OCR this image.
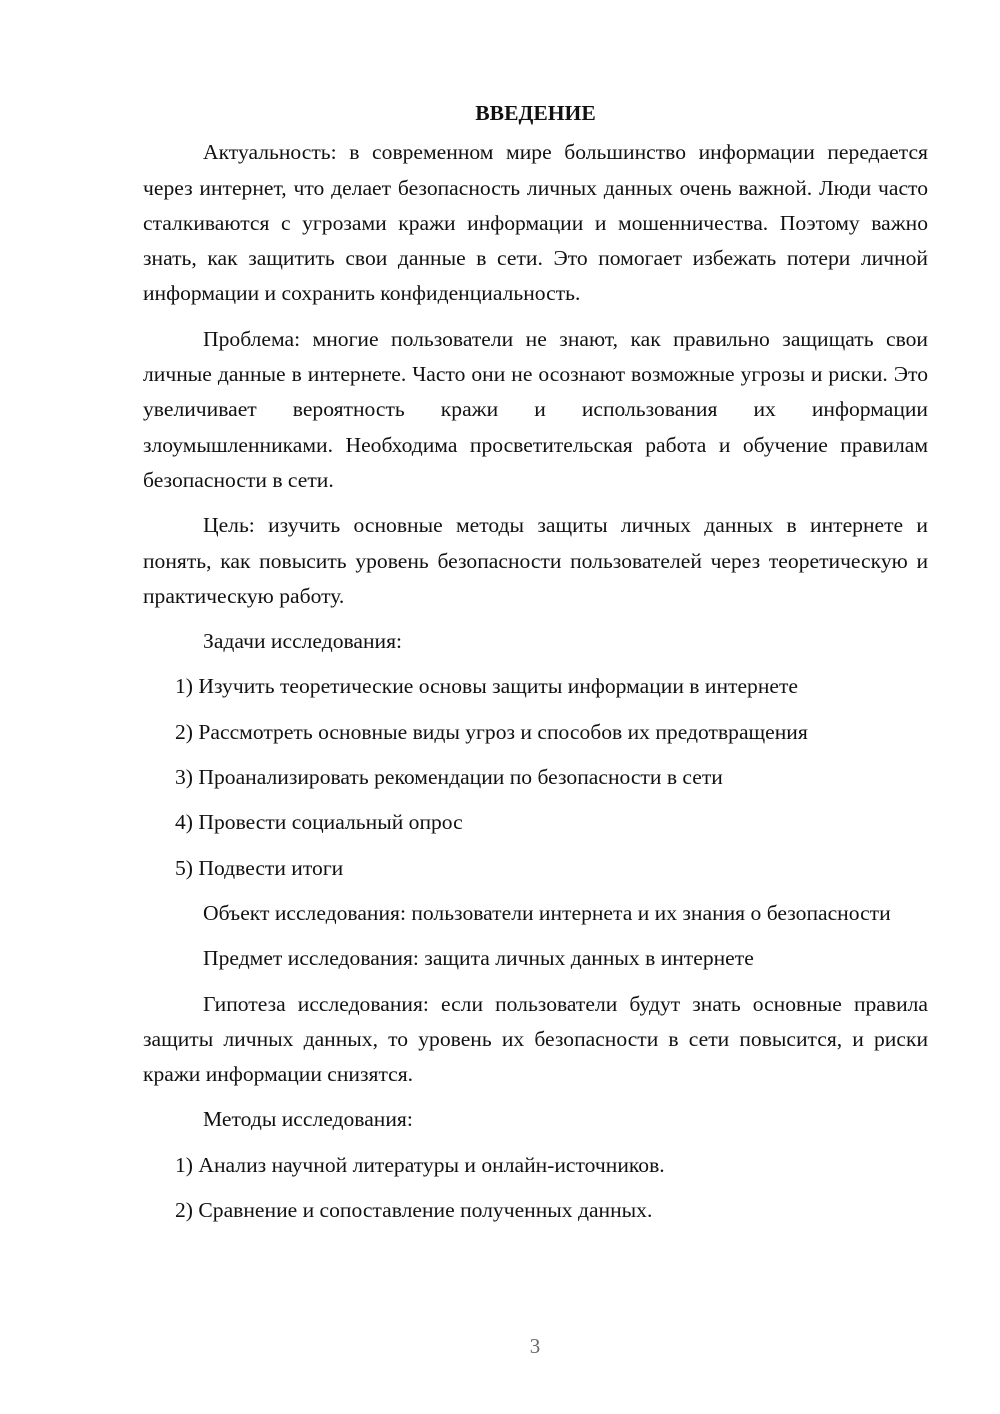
ВВЕДЕНИЕ

Актуальность: в современном мире большинство информации передается через интернет, что делает безопасность личных данных очень важной. Люди часто сталкиваются с угрозами кражи информации и мошенничества. Поэтому важно знать, как защитить свои данные в сети. Это помогает избежать потери личной информации и сохранить конфиденциальность.

Проблема: многие пользователи не знают, как правильно защищать свои личные данные в интернете. Часто они не осознают возможные угрозы и риски. Это увеличивает вероятность кражи и использования их информации злоумышленниками. Необходима просветительская работа и обучение правилам безопасности в сети.

Цель: изучить основные методы защиты личных данных в интернете и понять, как повысить уровень безопасности пользователей через теоретическую и практическую работу.

Задачи исследования:

1) Изучить теоретические основы защиты информации в интернете
2) Рассмотреть основные виды угроз и способов их предотвращения
3) Проанализировать рекомендации по безопасности в сети
4) Провести социальный опрос
5) Подвести итоги

Объект исследования: пользователи интернета и их знания о безопасности

Предмет исследования: защита личных данных в интернете

Гипотеза исследования: если пользователи будут знать основные правила защиты личных данных, то уровень их безопасности в сети повысится, и риски кражи информации снизятся.

Методы исследования:

1) Анализ научной литературы и онлайн-источников.
2) Сравнение и сопоставление полученных данных.
3
